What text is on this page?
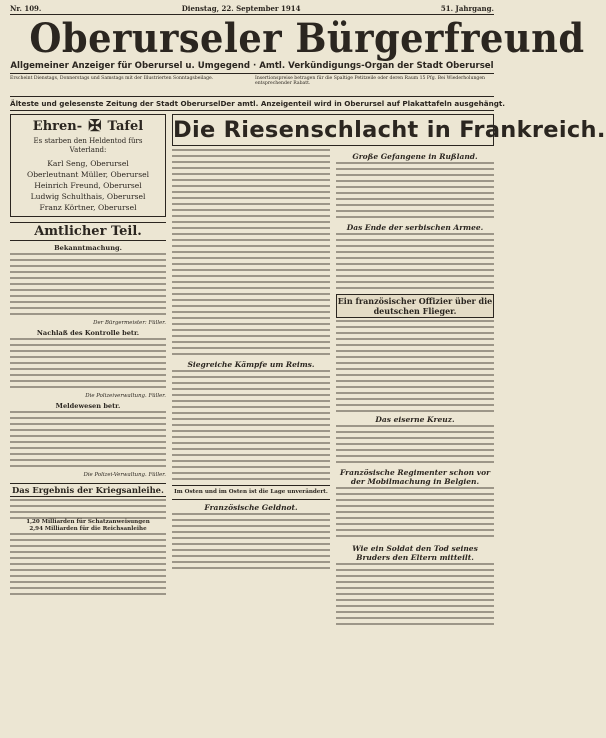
Nr. 109.	Dienstag, 22. September 1914	51. Jahrgang.
Oberurseler Bürgerfreund
Allgemeiner Anzeiger für Oberursel u. Umgegend · Amtl. Verkündigungs-Organ der Stadt Oberursel
Erscheint Dienstags, Donnerstags und Samstags mit der Illustrierten Sonntagsbeilage.	Insertionspreise betragen für die Spaltige Petitzeile oder deren Raum 15 Pfg. Bei Wiederholungen entsprechender Rabatt.
Älteste und gelesenste Zeitung der Stadt Oberursel Der amtl. Anzeigenteil wird in Oberursel auf Plakattafeln ausgehängt.
Ehren- ✠ Tafel
Es starben den Heldentod fürs Vaterland:
Karl Seng, Oberursel
Oberleutnant Müller, Oberursel
Heinrich Freund, Oberursel
Ludwig Schulthais, Oberursel
Franz Körtner, Oberursel
Amtlicher Teil.
Bekanntmachung.
Der Bürgermeister: Füller.
Nachlaß des Kontrolle betr.
Die Polizeiverwaltung. Füller.
Meldewesen betr.
Die Polizei-Verwaltung. Füller.
Das Ergebnis der Kriegsanleihe.
1,20 Milliarden für Schatzanweisungen
2,94 Milliarden für die Reichsanleihe
Die Riesenschlacht in Frankreich.
Siegreiche Kämpfe um Reims.
Im Osten und im Osten ist die Lage unverändert.
Französische Geldnot.
Große Gefangene in Rußland.
Das Ende der serbischen Armee.
Ein französischer Offizier über die deutschen Flieger.
Das eiserne Kreuz.
Französische Regimenter schon vor der Mobilmachung in Belgien.
Wie ein Soldat den Tod seines Bruders den Eltern mitteilt.
